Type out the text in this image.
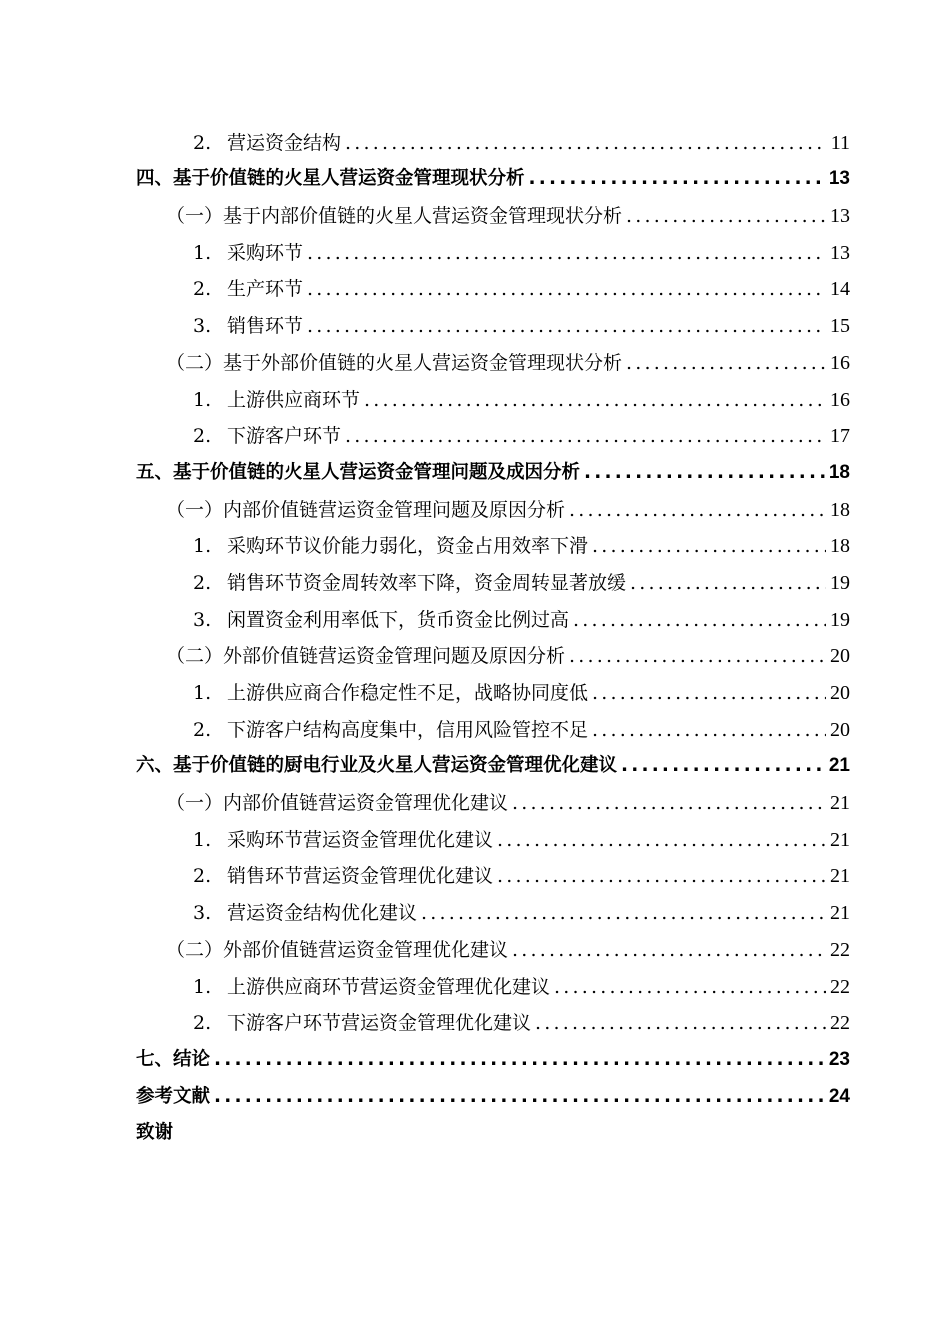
2. 营运资金结构 .....	11
四、基于价值链的火星人营运资金管理现状分析 .....	13
（一）基于内部价值链的火星人营运资金管理现状分析 .....	13
1. 采购环节 .....	13
2. 生产环节 .....	14
3. 销售环节 .....	15
（二）基于外部价值链的火星人营运资金管理现状分析 .....	16
1. 上游供应商环节 .....	16
2. 下游客户环节 .....	17
五、基于价值链的火星人营运资金管理问题及成因分析 .....	18
（一）内部价值链营运资金管理问题及原因分析 .....	18
1. 采购环节议价能力弱化，资金占用效率下滑 .....	18
2. 销售环节资金周转效率下降，资金周转显著放缓 .....	19
3. 闲置资金利用率低下，货币资金比例过高 .....	19
（二）外部价值链营运资金管理问题及原因分析 .....	20
1. 上游供应商合作稳定性不足，战略协同度低 .....	20
2. 下游客户结构高度集中，信用风险管控不足 .....	20
六、基于价值链的厨电行业及火星人营运资金管理优化建议 .....	21
（一）内部价值链营运资金管理优化建议 .....	21
1. 采购环节营运资金管理优化建议 .....	21
2. 销售环节营运资金管理优化建议 .....	21
3. 营运资金结构优化建议 .....	21
（二）外部价值链营运资金管理优化建议 .....	22
1. 上游供应商环节营运资金管理优化建议 .....	22
2. 下游客户环节营运资金管理优化建议 .....	22
七、结论 .....	23
参考文献 .....	24
致谢
